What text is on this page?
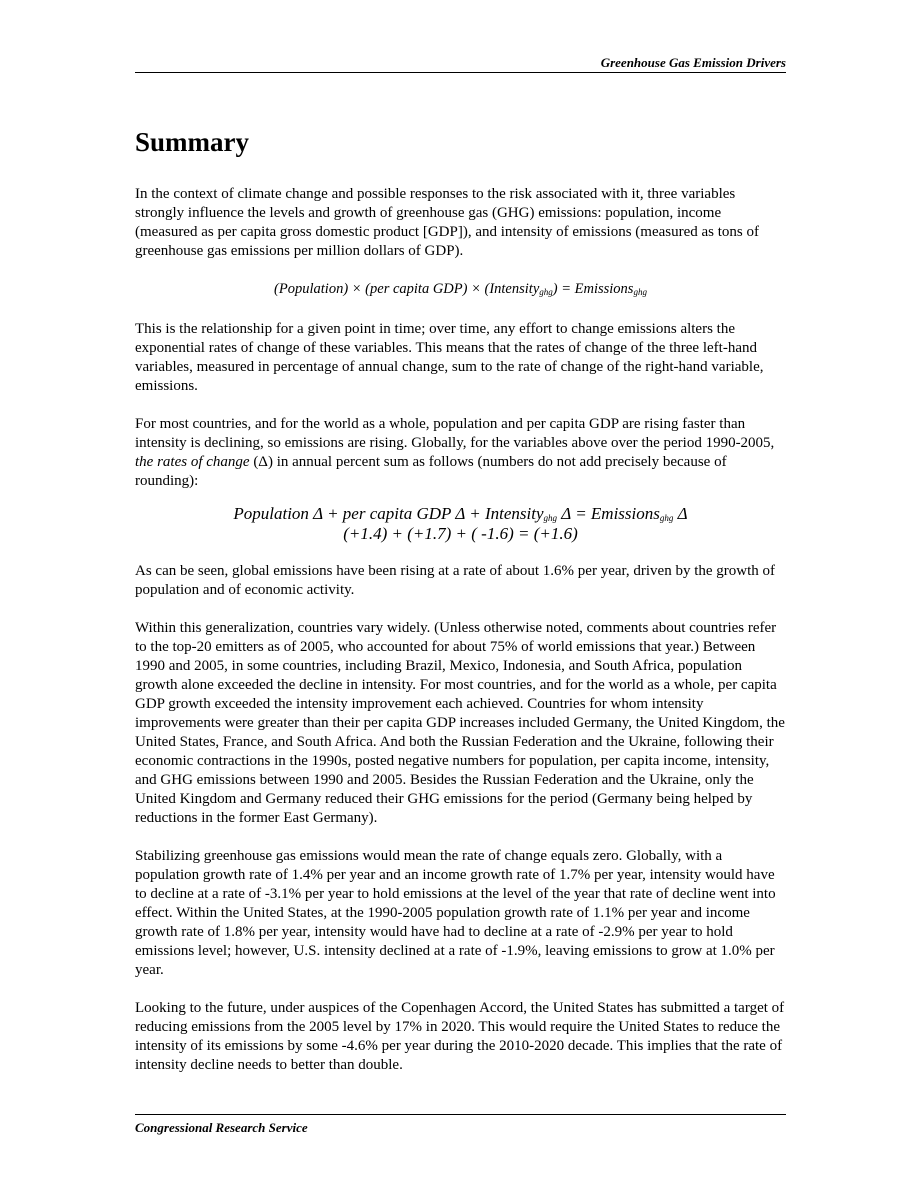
Greenhouse Gas Emission Drivers
Summary

In the context of climate change and possible responses to the risk associated with it, three variables strongly influence the levels and growth of greenhouse gas (GHG) emissions: population, income (measured as per capita gross domestic product [GDP]), and intensity of emissions (measured as tons of greenhouse gas emissions per million dollars of GDP).

(Population) × (per capita GDP) × (Intensity$_{ghg}$) = Emissions$_{ghg}$

This is the relationship for a given point in time; over time, any effort to change emissions alters the exponential rates of change of these variables. This means that the rates of change of the three left-hand variables, measured in percentage of annual change, sum to the rate of change of the right-hand variable, emissions.

For most countries, and for the world as a whole, population and per capita GDP are rising faster than intensity is declining, so emissions are rising. Globally, for the variables above over the period 1990-2005, the rates of change (Δ) in annual percent sum as follows (numbers do not add precisely because of rounding):

Population Δ + per capita GDP Δ + Intensity$_{ghg}$ Δ = Emissions$_{ghg}$ Δ
(+1.4) + (+1.7) + ( -1.6) = (+1.6)

As can be seen, global emissions have been rising at a rate of about 1.6% per year, driven by the growth of population and of economic activity.

Within this generalization, countries vary widely. (Unless otherwise noted, comments about countries refer to the top-20 emitters as of 2005, who accounted for about 75% of world emissions that year.) Between 1990 and 2005, in some countries, including Brazil, Mexico, Indonesia, and South Africa, population growth alone exceeded the decline in intensity. For most countries, and for the world as a whole, per capita GDP growth exceeded the intensity improvement each achieved. Countries for whom intensity improvements were greater than their per capita GDP increases included Germany, the United Kingdom, the United States, France, and South Africa. And both the Russian Federation and the Ukraine, following their economic contractions in the 1990s, posted negative numbers for population, per capita income, intensity, and GHG emissions between 1990 and 2005. Besides the Russian Federation and the Ukraine, only the United Kingdom and Germany reduced their GHG emissions for the period (Germany being helped by reductions in the former East Germany).

Stabilizing greenhouse gas emissions would mean the rate of change equals zero. Globally, with a population growth rate of 1.4% per year and an income growth rate of 1.7% per year, intensity would have to decline at a rate of -3.1% per year to hold emissions at the level of the year that rate of decline went into effect. Within the United States, at the 1990-2005 population growth rate of 1.1% per year and income growth rate of 1.8% per year, intensity would have had to decline at a rate of -2.9% per year to hold emissions level; however, U.S. intensity declined at a rate of -1.9%, leaving emissions to grow at 1.0% per year.

Looking to the future, under auspices of the Copenhagen Accord, the United States has submitted a target of reducing emissions from the 2005 level by 17% in 2020. This would require the United States to reduce the intensity of its emissions by some -4.6% per year during the 2010-2020 decade. This implies that the rate of intensity decline needs to better than double.

Congressional Research Service
